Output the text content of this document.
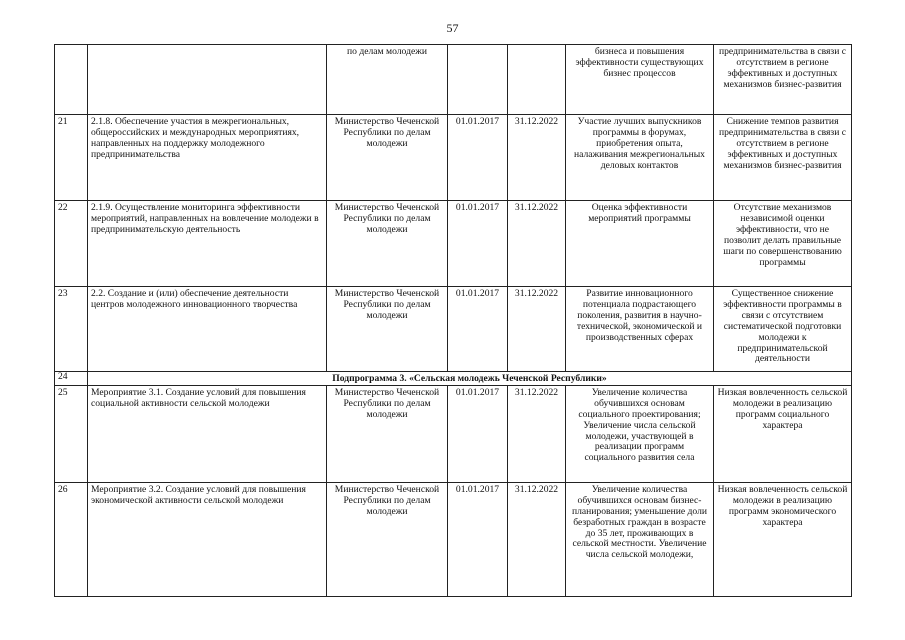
57
		по делам молодежи			бизнеса и повышения эффективности существующих бизнес процессов	предпринимательства в связи с отсутствием в регионе эффективных и доступных механизмов бизнес-развития
21	2.1.8. Обеспечение участия в межрегиональных, общероссийских и международных мероприятиях, направленных на поддержку молодежного предпринимательства	Министерство Чеченской Республики по делам молодежи	01.01.2017	31.12.2022	Участие лучших выпускников программы в форумах, приобретения опыта, налаживания межрегиональных деловых контактов	Снижение темпов развития предпринимательства в связи с отсутствием в регионе эффективных и доступных механизмов бизнес-развития
22	2.1.9. Осуществление мониторинга эффективности мероприятий, направленных на вовлечение молодежи в предпринимательскую деятельность	Министерство Чеченской Республики по делам молодежи	01.01.2017	31.12.2022	Оценка эффективности мероприятий программы	Отсутствие механизмов независимой оценки эффективности, что не позволит делать правильные шаги по совершенствованию программы
23	2.2. Создание и (или) обеспечение деятельности центров молодежного инновационного творчества	Министерство Чеченской Республики по делам молодежи	01.01.2017	31.12.2022	Развитие инновационного потенциала подрастающего поколения, развития в научно-технической, экономической и производственных сферах	Существенное снижение эффективности программы в связи с отсутствием систематической подготовки молодежи к предпринимательской деятельности
24	Подпрограмма 3. «Сельская молодежь Чеченской Республики»					
25	Мероприятие 3.1. Создание условий для повышения социальной активности сельской молодежи	Министерство Чеченской Республики по делам молодежи	01.01.2017	31.12.2022	Увеличение количества обучившихся основам социального проектирования; Увеличение числа сельской молодежи, участвующей в реализации программ социального развития села	Низкая вовлеченность сельской молодежи в реализацию программ социального характера
26	Мероприятие 3.2. Создание условий для повышения экономической активности сельской молодежи	Министерство Чеченской Республики по делам молодежи	01.01.2017	31.12.2022	Увеличение количества обучившихся основам бизнес-планирования; уменьшение доли безработных граждан в возрасте до 35 лет, проживающих в сельской местности. Увеличение числа сельской молодежи,	Низкая вовлеченность сельской молодежи в реализацию программ экономического характера
